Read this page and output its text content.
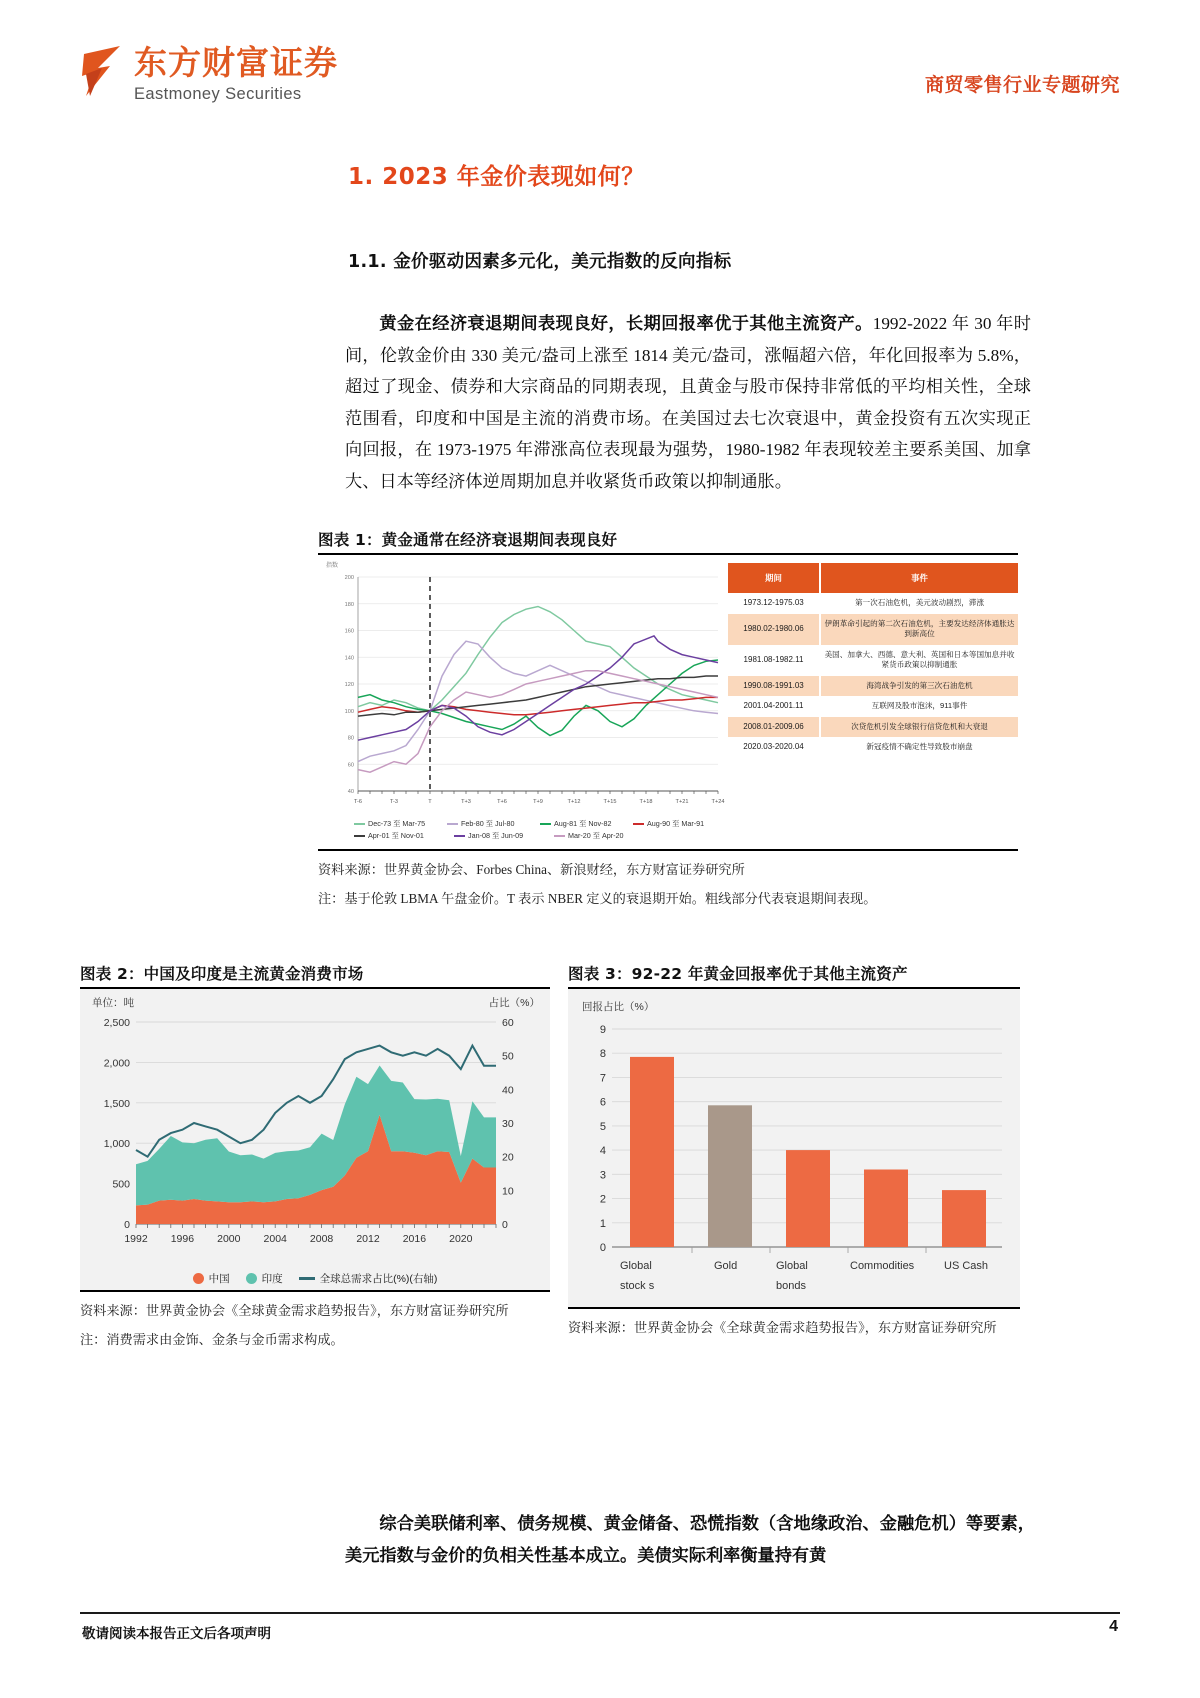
东方财富证券
Eastmoney Securities	商贸零售行业专题研究
1. 2023 年金价表现如何？
1.1. 金价驱动因素多元化，美元指数的反向指标
黄金在经济衰退期间表现良好，长期回报率优于其他主流资产。1992-2022 年 30 年时间，伦敦金价由 330 美元/盎司上涨至 1814 美元/盎司，涨幅超六倍，年化回报率为 5.8%，超过了现金、债券和大宗商品的同期表现，且黄金与股市保持非常低的平均相关性，全球范围看，印度和中国是主流的消费市场。在美国过去七次衰退中，黄金投资有五次实现正向回报，在 1973-1975 年滞涨高位表现最为强势，1980-1982 年表现较差主要系美国、加拿大、日本等经济体逆周期加息并收紧货币政策以抑制通胀。
图表 1：黄金通常在经济衰退期间表现良好
指数
200
180
160
140
120
100
80
60
40
T-6	T-3	T	T+3	T+6	T+9	T+12	T+15	T+18	T+21	T+24
Dec-73 至 Mar-75	Feb-80 至 Jul-80	Aug-81 至 Nov-82	Aug-90 至 Mar-91
Apr-01 至 Nov-01	Jan-08 至 Jun-09	Mar-20 至 Apr-20
期间	事件
1973.12-1975.03	第一次石油危机，美元波动剧烈，滞涨
1980.02-1980.06	伊朗革命引起的第二次石油危机，主要发达经济体通胀达到新高位
1981.08-1982.11	美国、加拿大、西德、意大利、英国和日本等国加息并收紧货币政策以抑制通胀
1990.08-1991.03	海湾战争引发的第三次石油危机
2001.04-2001.11	互联网及股市泡沫，911事件
2008.01-2009.06	次贷危机引发全球银行信贷危机和大衰退
2020.03-2020.04	新冠疫情不确定性导致股市崩盘
资料来源：世界黄金协会、Forbes China、新浪财经，东方财富证券研究所
注：基于伦敦 LBMA 午盘金价。T 表示 NBER 定义的衰退期开始。粗线部分代表衰退期间表现。
图表 2：中国及印度是主流黄金消费市场
单位：吨	占比（%）
2,500
2,000
1,500
1,000
500
0
60
50
40
30
20
10
0
1992 1996 2000 2004 2008 2012 2016 2020
中国	印度	全球总需求占比(%)(右轴)
资料来源：世界黄金协会《全球黄金需求趋势报告》，东方财富证券研究所
注：消费需求由金饰、金条与金币需求构成。
图表 3：92-22 年黄金回报率优于其他主流资产
回报占比（%）
9
8
7
6
5
4
3
2
1
0
Global
stock s
Gold	Global
bonds
Commodities	US Cash
资料来源：世界黄金协会《全球黄金需求趋势报告》，东方财富证券研究所
综合美联储利率、债务规模、黄金储备、恐慌指数（含地缘政治、金融危机）等要素，美元指数与金价的负相关性基本成立。美债实际利率衡量持有黄
敬请阅读本报告正文后各项声明	4
